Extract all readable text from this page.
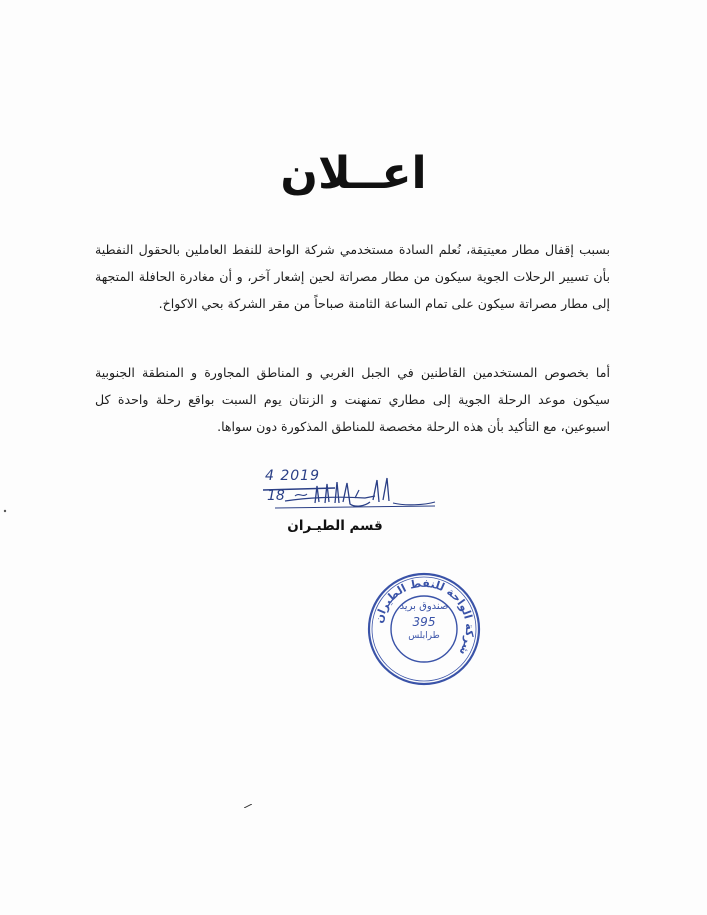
اعــلان
بسبب إقفال مطار معيتيقة، نُعلم السادة مستخدمي شركة الواحة للنفط العاملين بالحقول النفطية بأن تسيير الرحلات الجوية سيكون من مطار مصراتة لحين إشعار آخر، و أن مغادرة الحافلة المتجهة إلى مطار مصراتة سيكون على تمام الساعة الثامنة صباحاً من مقر الشركة بحي الاكواخ.
أما بخصوص المستخدمين القاطنين في الجبل الغربي و المناطق المجاورة و المنطقة الجنوبية سيكون موعد الرحلة الجوية إلى مطاري تمنهنت و الزنتان يوم السبت بواقع رحلة واحدة كل اسبوعين، مع التأكيد بأن هذه الرحلة مخصصة للمناطق المذكورة دون سواها.
4 2019
18
قسم الطيـران
شركة الواحة للنفط الطيران
صندوق بريد
395
طرابلس
